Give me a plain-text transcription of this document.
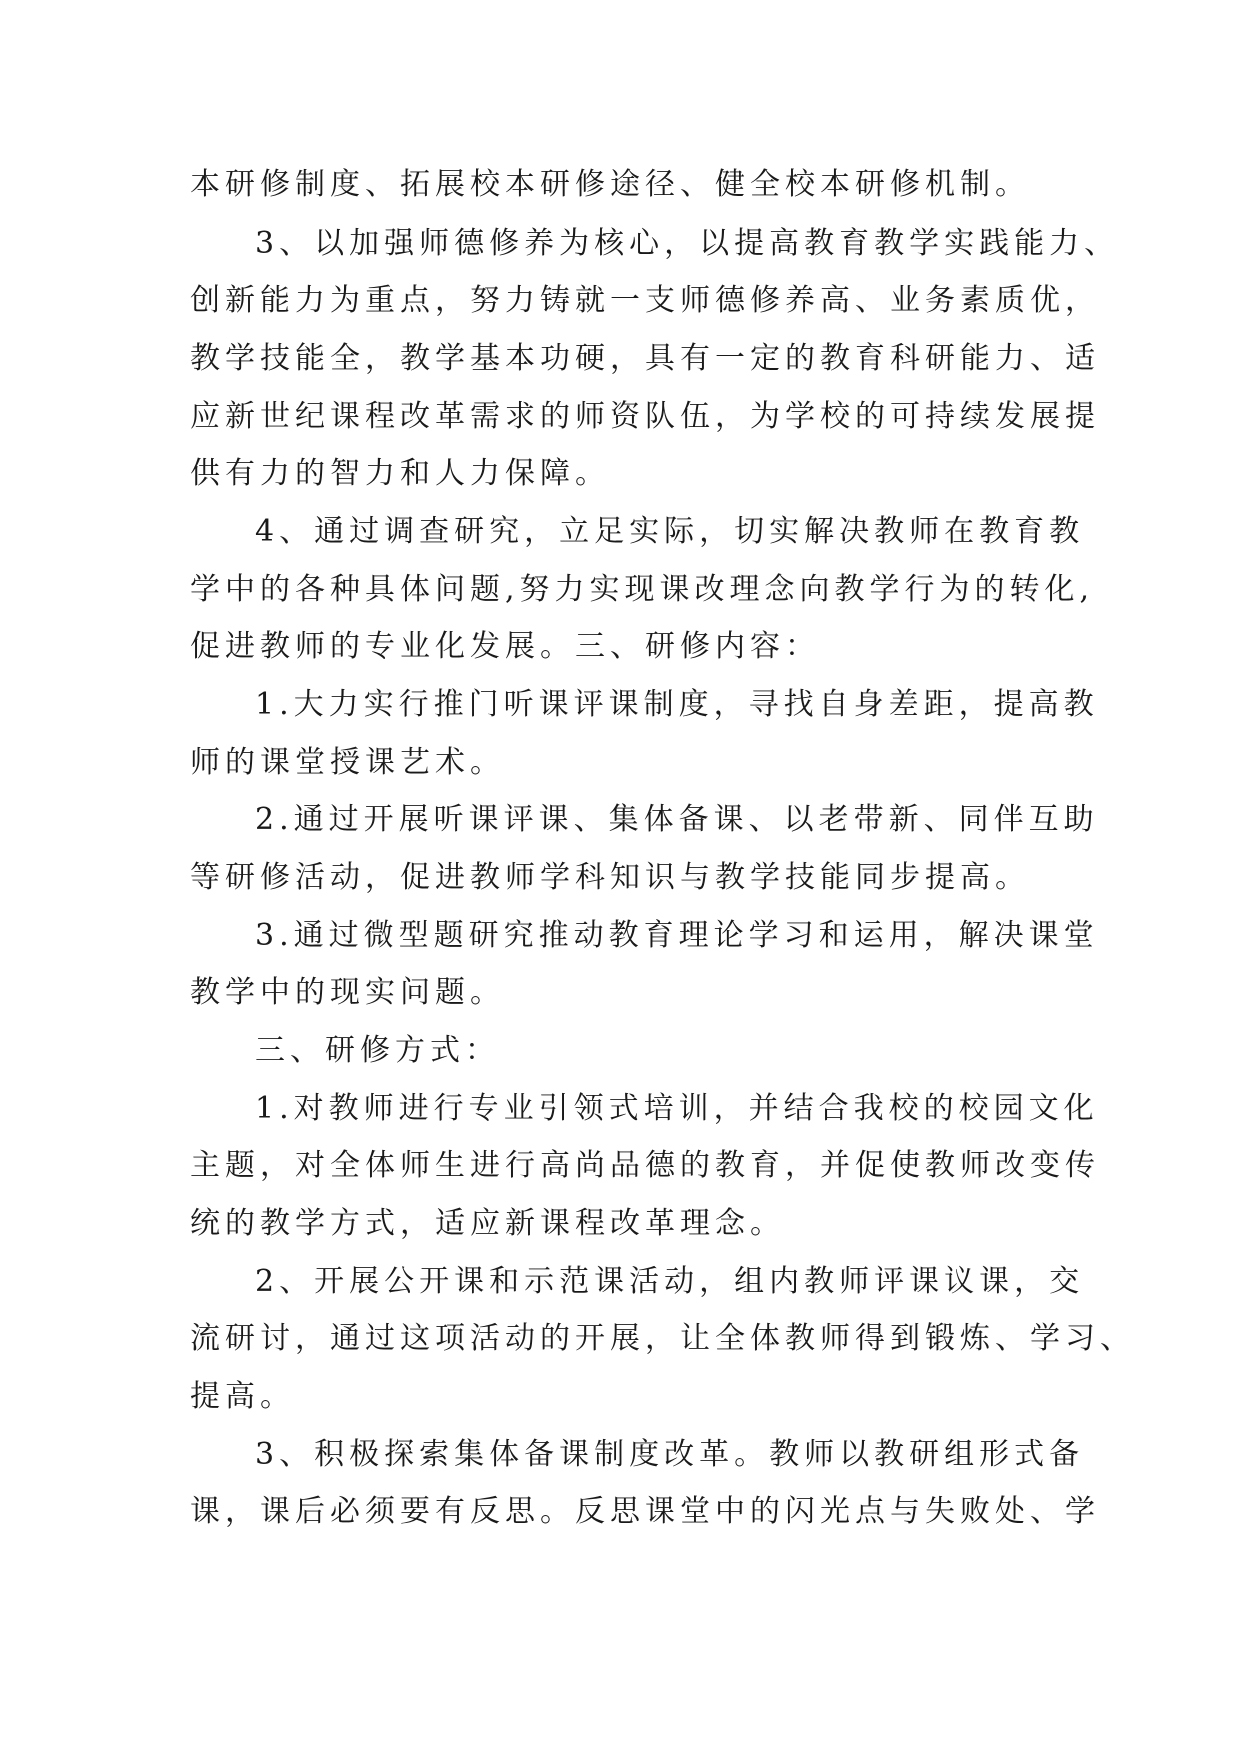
本研修制度、拓展校本研修途径、健全校本研修机制。
3、以加强师德修养为核心，以提高教育教学实践能力、
创新能力为重点，努力铸就一支师德修养高、业务素质优，
教学技能全，教学基本功硬，具有一定的教育科研能力、适
应新世纪课程改革需求的师资队伍，为学校的可持续发展提
供有力的智力和人力保障。
4、通过调查研究，立足实际，切实解决教师在教育教
学中的各种具体问题,努力实现课改理念向教学行为的转化,
促进教师的专业化发展。三、研修内容：
1.大力实行推门听课评课制度，寻找自身差距，提高教
师的课堂授课艺术。
2.通过开展听课评课、集体备课、以老带新、同伴互助
等研修活动，促进教师学科知识与教学技能同步提高。
3.通过微型题研究推动教育理论学习和运用，解决课堂
教学中的现实问题。
三、研修方式：
1.对教师进行专业引领式培训，并结合我校的校园文化
主题，对全体师生进行高尚品德的教育，并促使教师改变传
统的教学方式，适应新课程改革理念。
2、开展公开课和示范课活动，组内教师评课议课，交
流研讨，通过这项活动的开展，让全体教师得到锻炼、学习、
提高。
3、积极探索集体备课制度改革。教师以教研组形式备
课，课后必须要有反思。反思课堂中的闪光点与失败处、学
